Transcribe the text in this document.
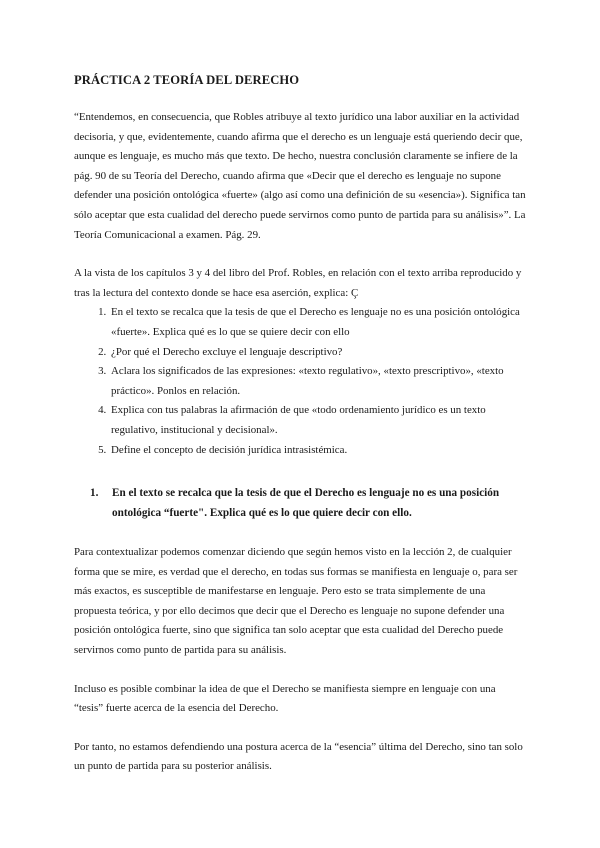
PRÁCTICA 2 TEORÍA DEL DERECHO

“Entendemos, en consecuencia, que Robles atribuye al texto jurídico una labor auxiliar en la actividad decisoria, y que, evidentemente, cuando afirma que el derecho es un lenguaje está queriendo decir que, aunque es lenguaje, es mucho más que texto. De hecho, nuestra conclusión claramente se infiere de la pág. 90 de su Teoría del Derecho, cuando afirma que «Decir que el derecho es lenguaje no supone defender una posición ontológica «fuerte» (algo así como una definición de su «esencia»). Significa tan sólo aceptar que esta cualidad del derecho puede servirnos como punto de partida para su análisis»”. La Teoría Comunicacional a examen. Pág. 29.

A la vista de los capítulos 3 y 4 del libro del Prof. Robles, en relación con el texto arriba reproducido y tras la lectura del contexto donde se hace esa aserción, explica: Ç

1. En el texto se recalca que la tesis de que el Derecho es lenguaje no es una posición ontológica «fuerte». Explica qué es lo que se quiere decir con ello
2. ¿Por qué el Derecho excluye el lenguaje descriptivo?
3. Aclara los significados de las expresiones: «texto regulativo», «texto prescriptivo», «texto práctico». Ponlos en relación.
4. Explica con tus palabras la afirmación de que «todo ordenamiento jurídico es un texto regulativo, institucional y decisional».
5. Define el concepto de decisión jurídica intrasistémica.
1.	En el texto se recalca que la tesis de que el Derecho es lenguaje no es una posición ontológica “fuerte". Explica qué es lo que quiere decir con ello.

Para contextualizar podemos comenzar diciendo que según hemos visto en la lección 2, de cualquier forma que se mire, es verdad que el derecho, en todas sus formas se manifiesta en lenguaje o, para ser más exactos, es susceptible de manifestarse en lenguaje. Pero esto se trata simplemente de una propuesta teórica, y por ello decimos que decir que el Derecho es lenguaje no supone defender una posición ontológica fuerte, sino que significa tan solo aceptar que esta cualidad del Derecho puede servirnos como punto de partida para su análisis.

Incluso es posible combinar la idea de que el Derecho se manifiesta siempre en lenguaje con una “tesis” fuerte acerca de la esencia del Derecho.

Por tanto, no estamos defendiendo una postura acerca de la “esencia” última del Derecho, sino tan solo un punto de partida para su posterior análisis.
